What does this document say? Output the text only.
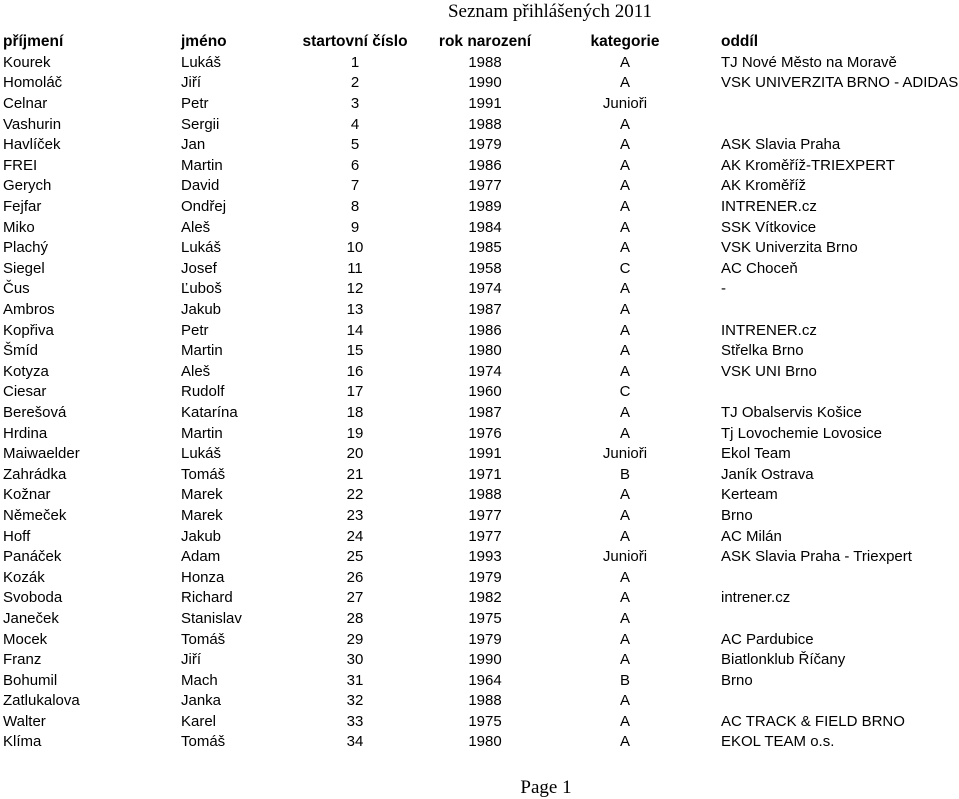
Seznam přihlášených 2011
příjmení	jméno	startovní číslo	rok narození	kategorie	oddíl
Kourek	Lukáš	1	1988	A	TJ Nové Město na Moravě
Homoláč	Jiří	2	1990	A	VSK UNIVERZITA BRNO - ADIDAS
Celnar	Petr	3	1991	Junioři	
Vashurin	Sergii	4	1988	A	
Havlíček	Jan	5	1979	A	ASK Slavia Praha
FREI	Martin	6	1986	A	AK Kroměříž-TRIEXPERT
Gerych	David	7	1977	A	AK Kroměříž
Fejfar	Ondřej	8	1989	A	INTRENER.cz
Miko	Aleš	9	1984	A	SSK Vítkovice
Plachý	Lukáš	10	1985	A	VSK Univerzita Brno
Siegel	Josef	11	1958	C	AC Choceň
Čus	Ľuboš	12	1974	A	-
Ambros	Jakub	13	1987	A	
Kopřiva	Petr	14	1986	A	INTRENER.cz
Šmíd	Martin	15	1980	A	Střelka Brno
Kotyza	Aleš	16	1974	A	VSK UNI Brno
Ciesar	Rudolf	17	1960	C	
Berešová	Katarína	18	1987	A	TJ Obalservis Košice
Hrdina	Martin	19	1976	A	Tj Lovochemie Lovosice
Maiwaelder	Lukáš	20	1991	Junioři	Ekol Team
Zahrádka	Tomáš	21	1971	B	Janík Ostrava
Kožnar	Marek	22	1988	A	Kerteam
Němeček	Marek	23	1977	A	Brno
Hoff	Jakub	24	1977	A	AC Milán
Panáček	Adam	25	1993	Junioři	ASK Slavia Praha - Triexpert
Kozák	Honza	26	1979	A	
Svoboda	Richard	27	1982	A	intrener.cz
Janeček	Stanislav	28	1975	A	
Mocek	Tomáš	29	1979	A	AC Pardubice
Franz	Jiří	30	1990	A	Biatlonklub Říčany
Bohumil	Mach	31	1964	B	Brno
Zatlukalova	Janka	32	1988	A	
Walter	Karel	33	1975	A	AC TRACK & FIELD BRNO
Klíma	Tomáš	34	1980	A	EKOL TEAM o.s.
Page 1
